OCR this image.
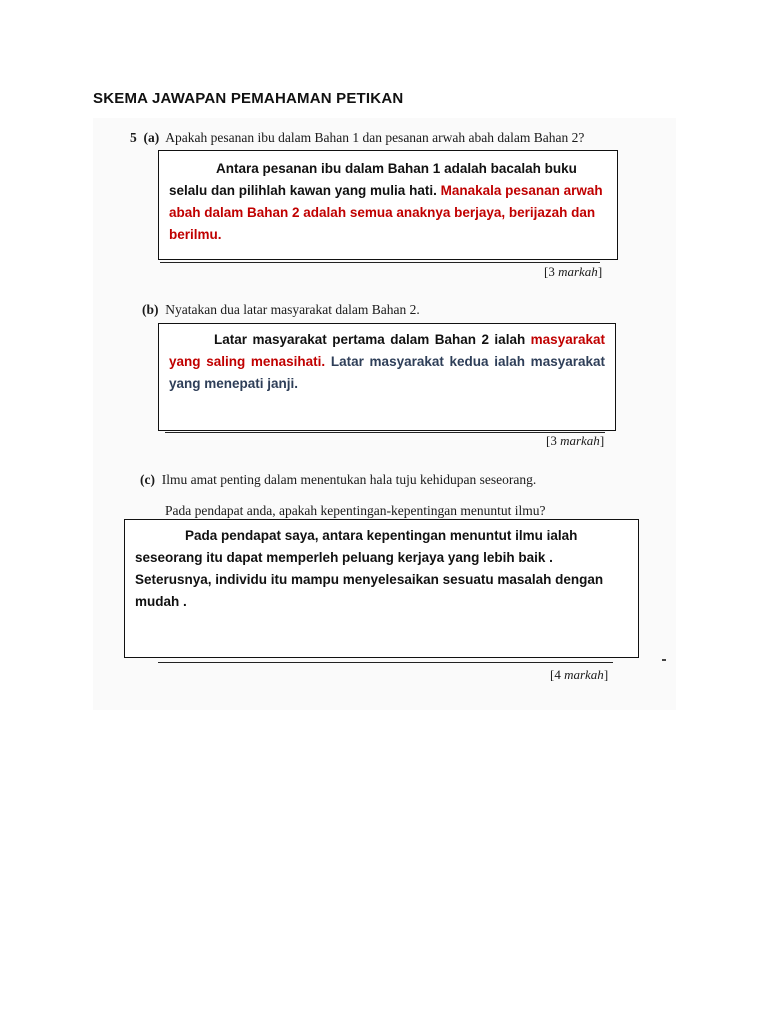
SKEMA JAWAPAN PEMAHAMAN PETIKAN
5 (a) Apakah pesanan ibu dalam Bahan 1 dan pesanan arwah abah dalam Bahan 2?

Antara pesanan ibu dalam Bahan 1 adalah bacalah buku selalu dan pilihlah kawan yang mulia hati. Manakala pesanan arwah abah dalam Bahan 2 adalah semua anaknya berjaya, berijazah dan berilmu.

[3 markah]
(b) Nyatakan dua latar masyarakat dalam Bahan 2.

Latar masyarakat pertama dalam Bahan 2 ialah masyarakat yang saling menasihati. Latar masyarakat kedua ialah masyarakat yang menepati janji.

[3 markah]
(c) Ilmu amat penting dalam menentukan hala tuju kehidupan seseorang.
Pada pendapat anda, apakah kepentingan-kepentingan menuntut ilmu?

Pada pendapat saya, antara kepentingan menuntut ilmu ialah seseorang itu dapat memperleh peluang kerjaya yang lebih baik . Seterusnya, individu itu mampu menyelesaikan sesuatu masalah dengan mudah .

[4 markah]
